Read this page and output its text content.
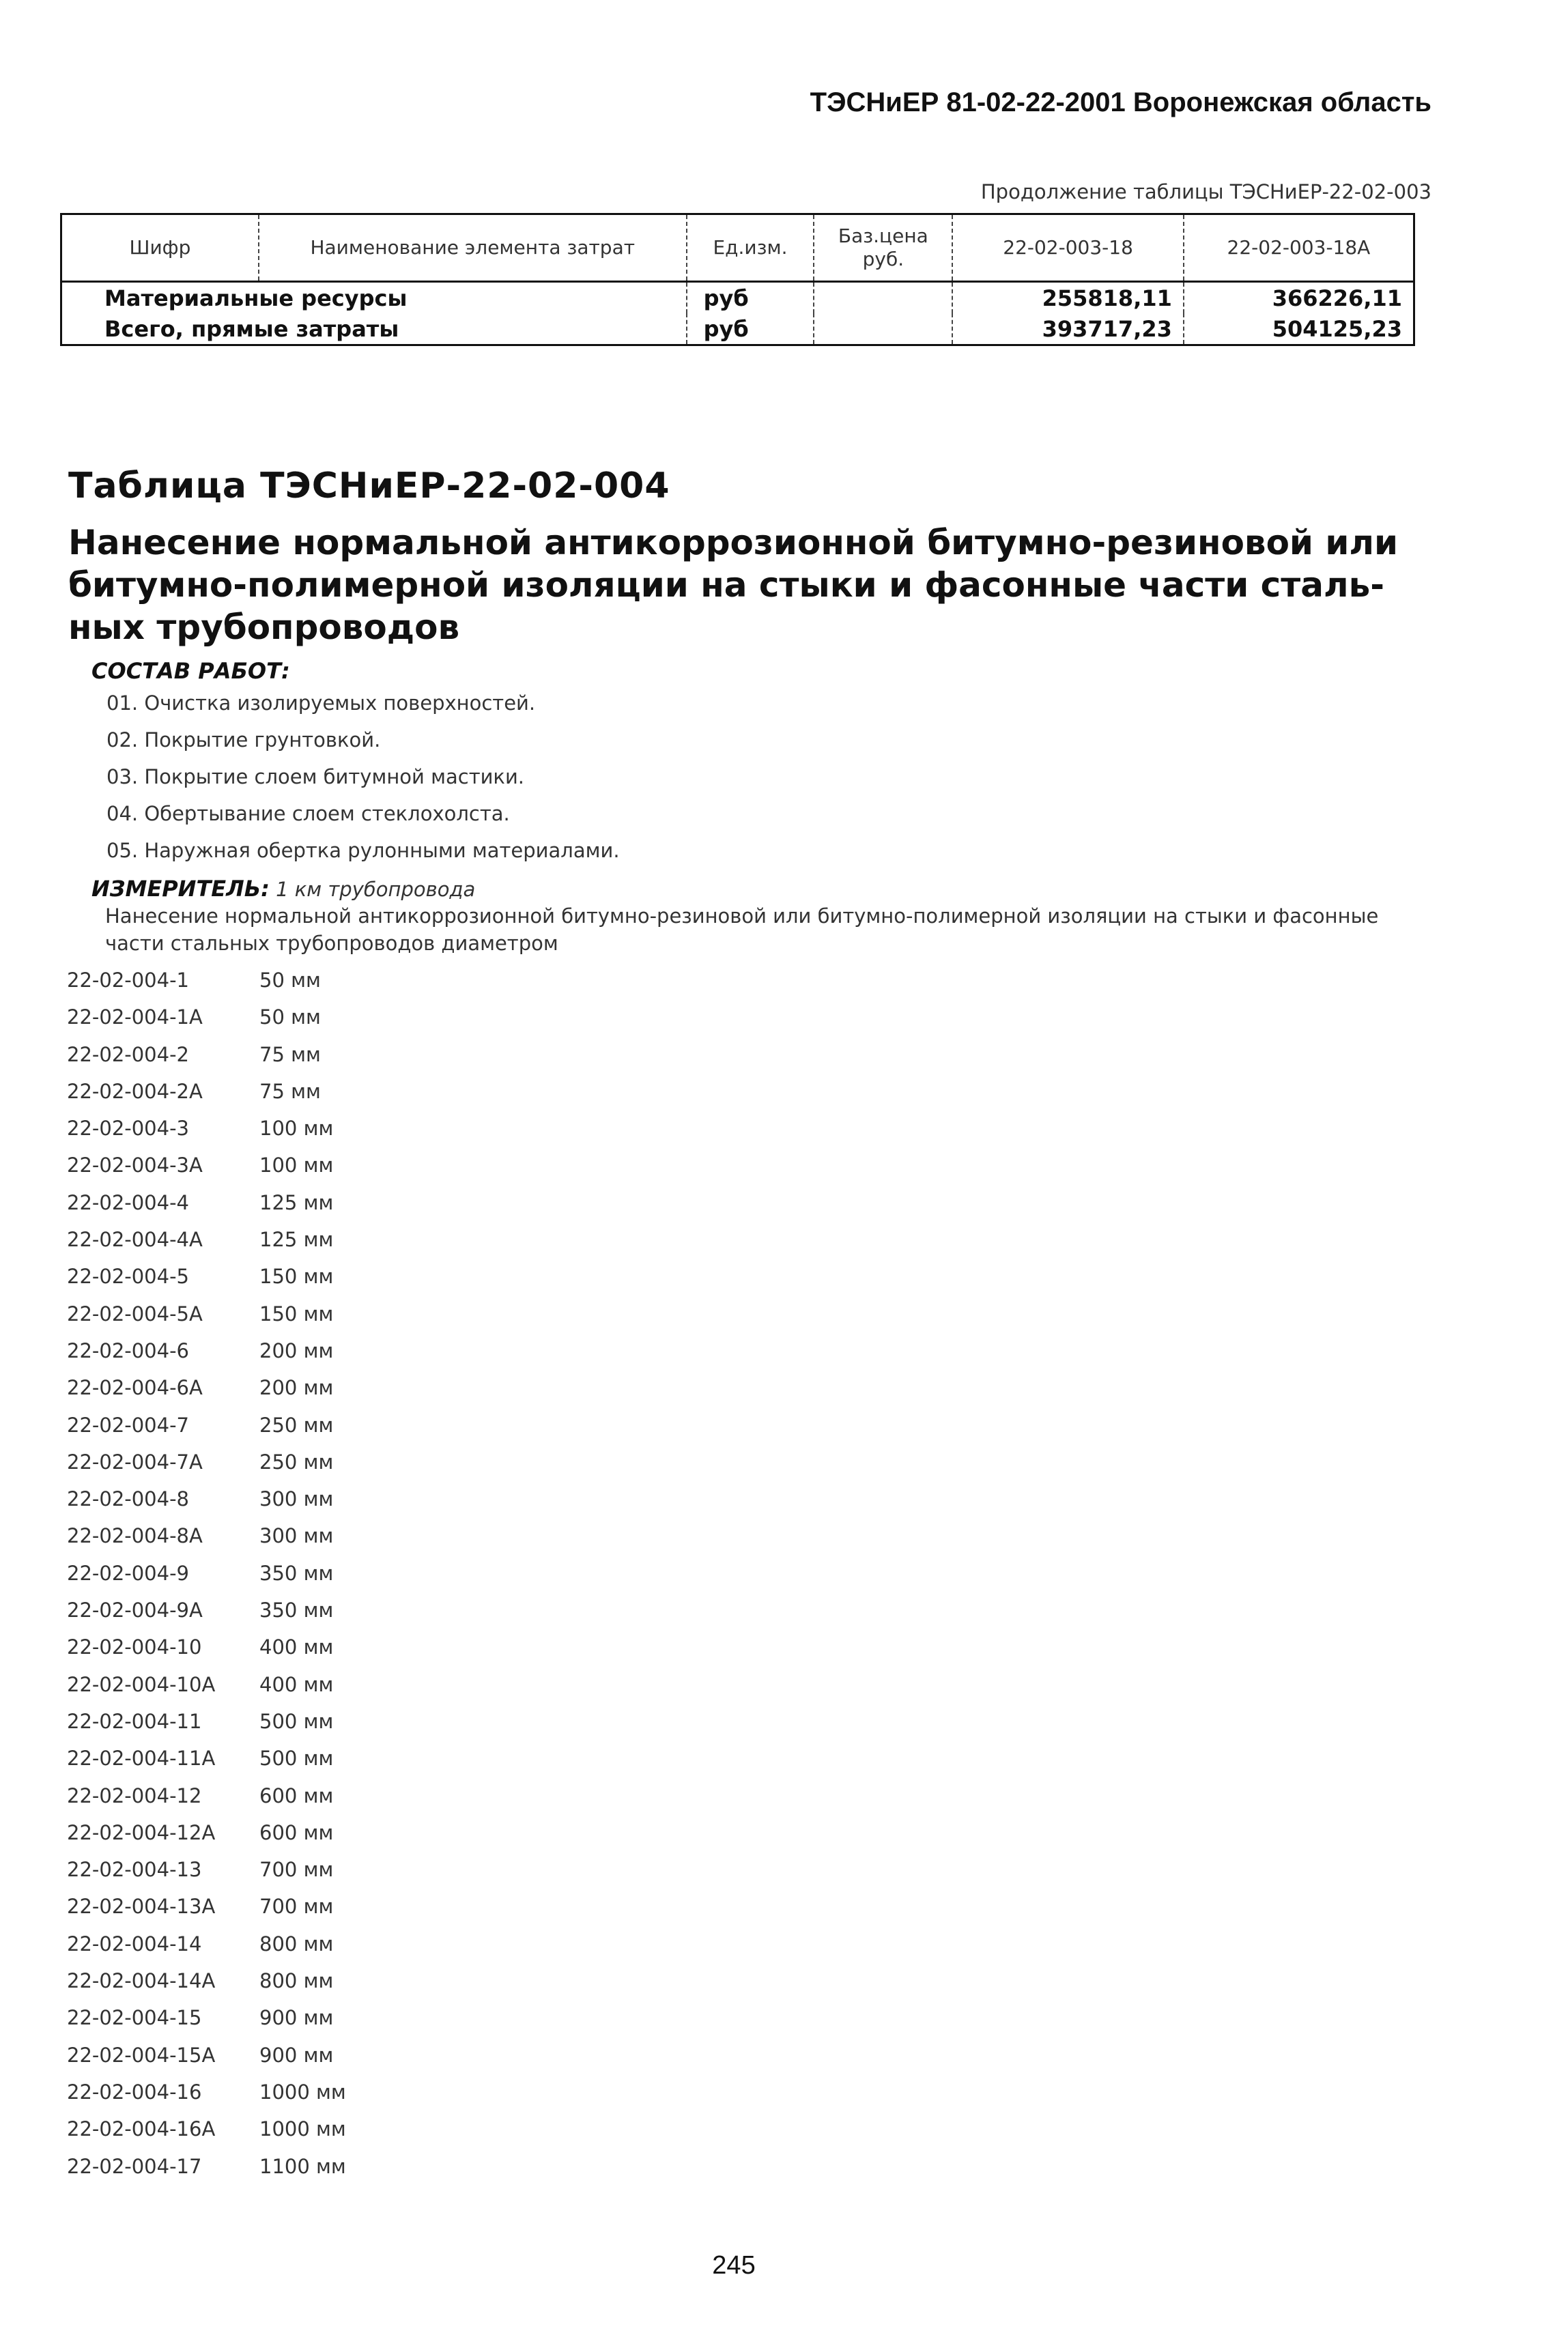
ТЭСНиЕР 81-02-22-2001 Воронежская область
Продолжение таблицы ТЭСНиЕР-22-02-003
Шифр	Наименование элемента затрат	Ед.изм.	Баз.цена руб.	22-02-003-18	22-02-003-18А
Материальные ресурсы		руб		255818,11	366226,11
Всего, прямые затраты		руб		393717,23	504125,23
Таблица ТЭСНиЕР-22-02-004
Нанесение нормальной антикоррозионной битумно-резиновой или битумно-полимерной изоляции на стыки и фасонные части сталь-ных трубопроводов
СОСТАВ РАБОТ:
01. Очистка изолируемых поверхностей.
02. Покрытие грунтовкой.
03. Покрытие слоем битумной мастики.
04. Обертывание слоем стеклохолста.
05. Наружная обертка рулонными материалами.
ИЗМЕРИТЕЛЬ: 1 км трубопровода
Нанесение нормальной антикоррозионной битумно-резиновой или битумно-полимерной изоляции на стыки и фасонные части стальных трубопроводов диаметром
22-02-004-1	50 мм
22-02-004-1А	50 мм
22-02-004-2	75 мм
22-02-004-2А	75 мм
22-02-004-3	100 мм
22-02-004-3А	100 мм
22-02-004-4	125 мм
22-02-004-4А	125 мм
22-02-004-5	150 мм
22-02-004-5А	150 мм
22-02-004-6	200 мм
22-02-004-6А	200 мм
22-02-004-7	250 мм
22-02-004-7А	250 мм
22-02-004-8	300 мм
22-02-004-8А	300 мм
22-02-004-9	350 мм
22-02-004-9А	350 мм
22-02-004-10	400 мм
22-02-004-10А 400 мм
22-02-004-11	500 мм
22-02-004-11А 500 мм
22-02-004-12	600 мм
22-02-004-12А 600 мм
22-02-004-13	700 мм
22-02-004-13А 700 мм
22-02-004-14	800 мм
22-02-004-14А 800 мм
22-02-004-15	900 мм
22-02-004-15А 900 мм
22-02-004-16	1000 мм
22-02-004-16А 1000 мм
22-02-004-17	1100 мм
245
